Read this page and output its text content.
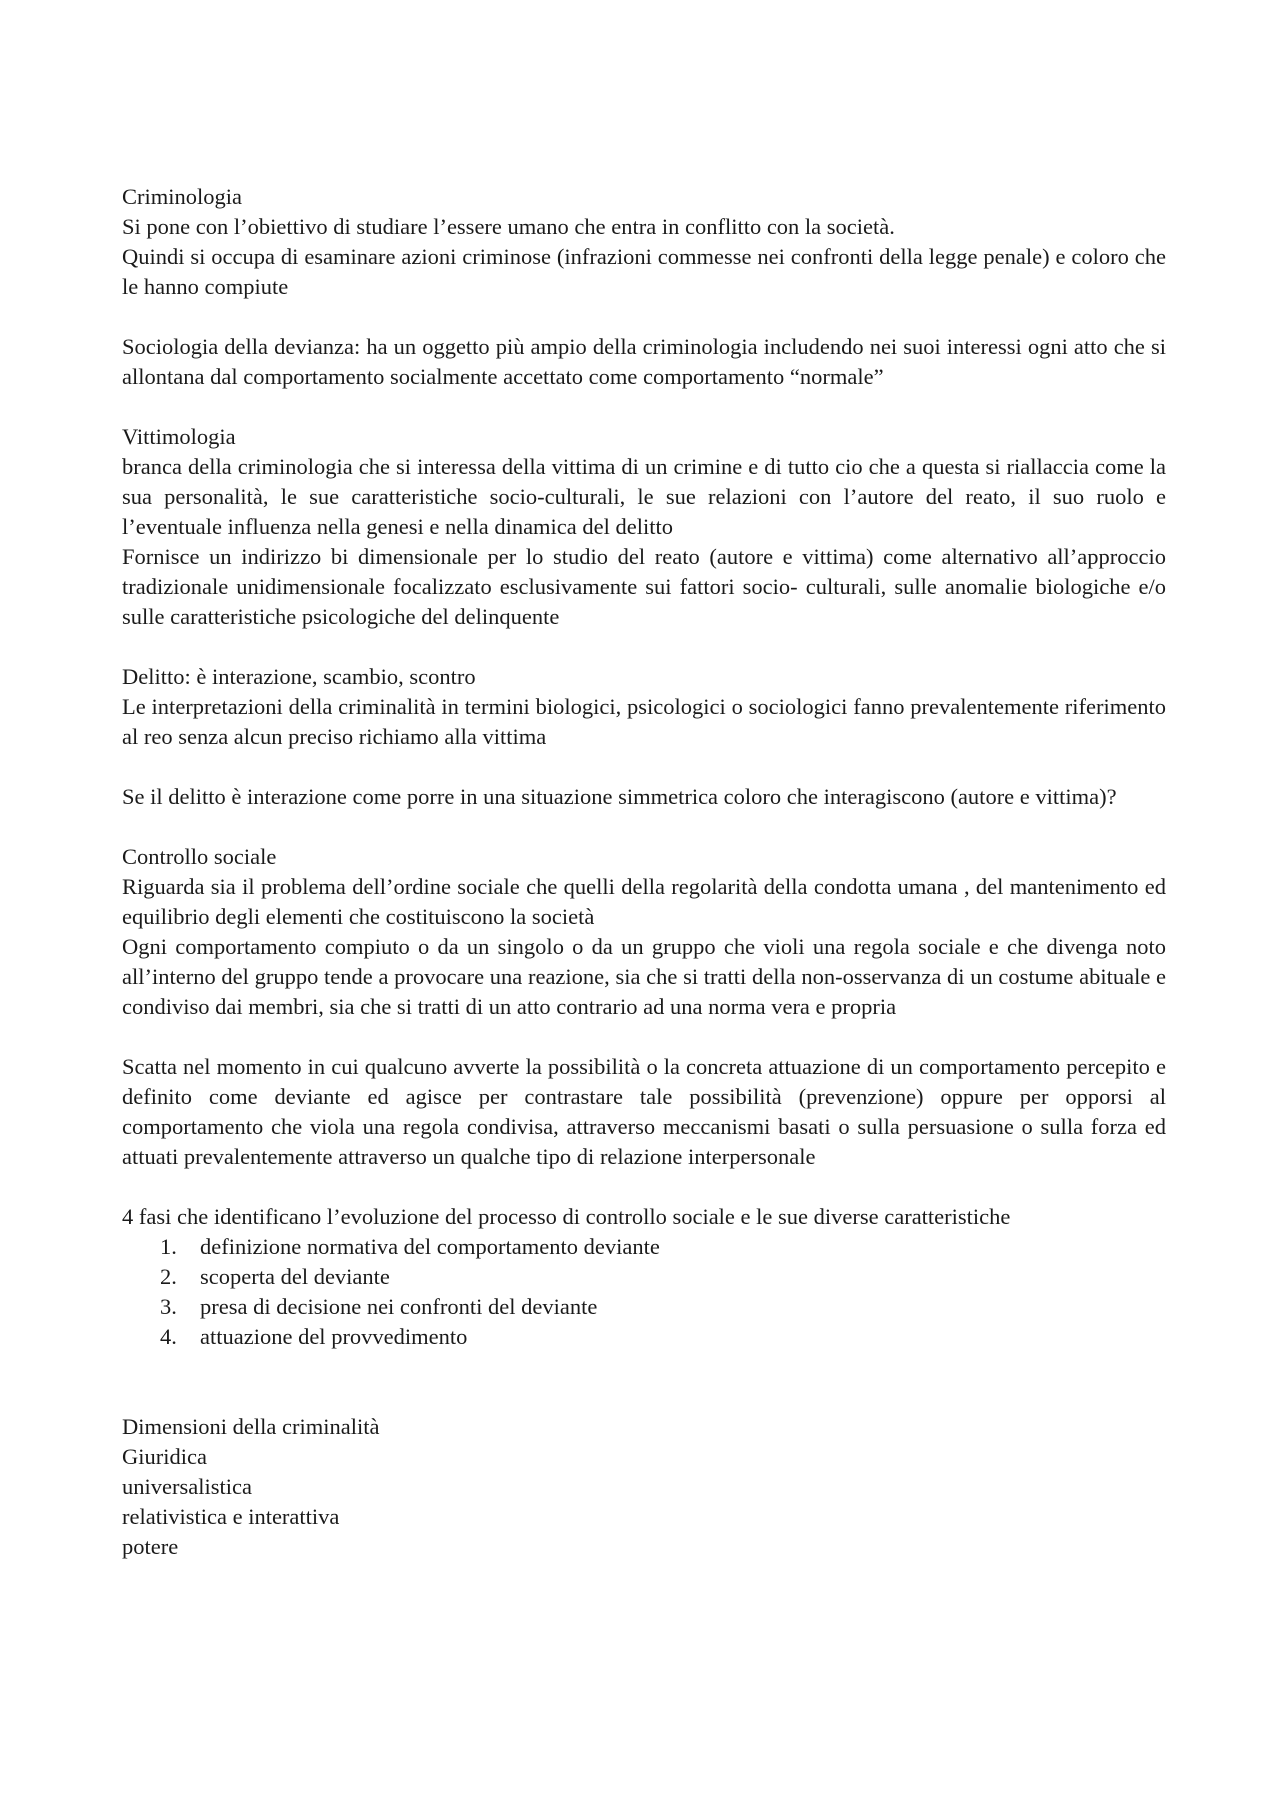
Criminologia
Si pone con l’obiettivo di studiare l’essere umano che entra in conflitto con la società.

Quindi si occupa di esaminare azioni criminose (infrazioni commesse nei confronti della legge penale) e coloro che le hanno compiute

Sociologia della devianza: ha un oggetto più ampio della criminologia includendo nei suoi interessi ogni atto che si allontana dal comportamento socialmente accettato come comportamento “normale”

Vittimologia

branca della criminologia che si interessa della vittima di un crimine e di tutto cio che a questa si riallaccia come la sua personalità, le sue caratteristiche socio-culturali, le sue relazioni con l’autore del reato, il suo ruolo e l’eventuale influenza nella genesi e nella dinamica del delitto

Fornisce un indirizzo bi dimensionale per lo studio del reato (autore e vittima) come alternativo all’approccio tradizionale unidimensionale focalizzato esclusivamente sui fattori socio- culturali, sulle anomalie biologiche e/o sulle caratteristiche psicologiche del delinquente

Delitto: è interazione, scambio, scontro

Le interpretazioni della criminalità in termini biologici, psicologici o sociologici fanno prevalentemente riferimento al reo senza alcun preciso richiamo alla vittima

Se il delitto è interazione come porre in una situazione simmetrica coloro che interagiscono (autore e vittima)?

Controllo sociale

Riguarda sia il problema dell’ordine sociale che quelli della regolarità della condotta umana , del mantenimento ed equilibrio degli elementi che costituiscono la società

Ogni comportamento compiuto o da un singolo o da un gruppo che violi una regola sociale e che divenga noto all’interno del gruppo tende a provocare una reazione, sia che si tratti della non-osservanza di un costume abituale e condiviso dai membri, sia che si tratti di un atto contrario ad una norma vera e propria

Scatta nel momento in cui qualcuno avverte la possibilità o la concreta attuazione di un comportamento percepito e definito come deviante ed agisce per contrastare tale possibilità (prevenzione) oppure per opporsi al comportamento che viola una regola condivisa, attraverso meccanismi basati o sulla persuasione o sulla forza ed attuati prevalentemente attraverso un qualche tipo di relazione interpersonale

4 fasi che identificano l’evoluzione del processo di controllo sociale e le sue diverse caratteristiche
1. definizione normativa del comportamento deviante
2. scoperta del deviante
3. presa di decisione nei confronti del deviante
4. attuazione del provvedimento
Dimensioni della criminalità
Giuridica
universalistica
relativistica e interattiva
potere
